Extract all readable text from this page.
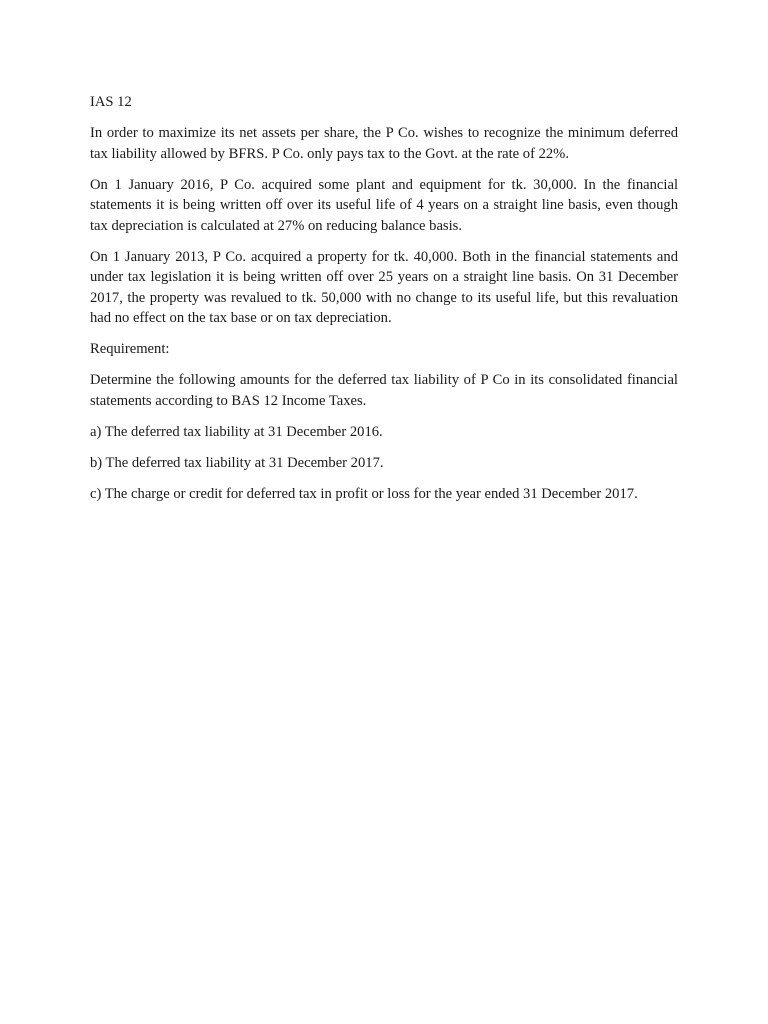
IAS 12

In order to maximize its net assets per share, the P Co. wishes to recognize the minimum deferred tax liability allowed by BFRS. P Co. only pays tax to the Govt. at the rate of 22%.

On 1 January 2016, P Co. acquired some plant and equipment for tk. 30,000. In the financial statements it is being written off over its useful life of 4 years on a straight line basis, even though tax depreciation is calculated at 27% on reducing balance basis.

On 1 January 2013, P Co. acquired a property for tk. 40,000. Both in the financial statements and under tax legislation it is being written off over 25 years on a straight line basis. On 31 December 2017, the property was revalued to tk. 50,000 with no change to its useful life, but this revaluation had no effect on the tax base or on tax depreciation.

Requirement:

Determine the following amounts for the deferred tax liability of P Co in its consolidated financial statements according to BAS 12 Income Taxes.

a) The deferred tax liability at 31 December 2016.

b) The deferred tax liability at 31 December 2017.

c) The charge or credit for deferred tax in profit or loss for the year ended 31 December 2017.
